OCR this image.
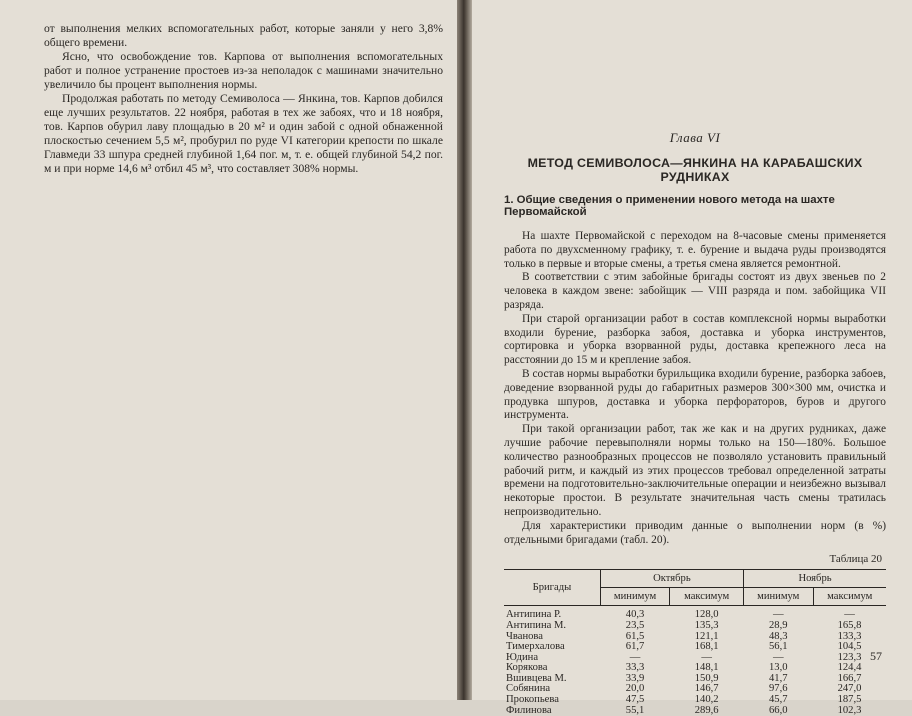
от выполнения мелких вспомогательных работ, которые заняли у него 3,8% общего времени.

Ясно, что освобождение тов. Карпова от выполнения вспомогательных работ и полное устранение простоев из-за неполадок с машинами значительно увеличило бы процент выполнения нормы.

Продолжая работать по методу Семиволоса — Янкина, тов. Карпов добился еще лучших результатов. 22 ноября, работая в тех же забоях, что и 18 ноября, тов. Карпов обурил лаву площадью в 20 м² и один забой с одной обнаженной плоскостью сечением 5,5 м², пробурил по руде VI категории крепости по шкале Главмеди 33 шпура средней глубиной 1,64 пог. м, т. е. общей глубиной 54,2 пог. м и при норме 14,6 м³ отбил 45 м³, что составляет 308% нормы.

Глава VI
МЕТОД СЕМИВОЛОСА—ЯНКИНА НА КАРАБАШСКИХ РУДНИКАХ
1. Общие сведения о применении нового метода на шахте Первомайской

На шахте Первомайской с переходом на 8-часовые смены применяется работа по двухсменному графику, т. е. бурение и выдача руды производятся только в первые и вторые смены, а третья смена является ремонтной.

В соответствии с этим забойные бригады состоят из двух звеньев по 2 человека в каждом звене: забойщик — VIII разряда и пом. забойщика VII разряда.

При старой организации работ в состав комплексной нормы выработки входили бурение, разборка забоя, доставка и уборка инструментов, сортировка и уборка взорванной руды, доставка крепежного леса на расстоянии до 15 м и крепление забоя.

В состав нормы выработки бурильщика входили бурение, разборка забоев, доведение взорванной руды до габаритных размеров 300×300 мм, очистка и продувка шпуров, доставка и уборка перфораторов, буров и другого инструмента.

При такой организации работ, так же как и на других рудниках, даже лучшие рабочие перевыполняли нормы только на 150—180%. Большое количество разнообразных процессов не позволяло установить правильный рабочий ритм, и каждый из этих процессов требовал определенной затраты времени на подготовительно-заключительные операции и неизбежно вызывал некоторые простои. В результате значительная часть смены тратилась непроизводительно.

Для характеристики приводим данные о выполнении норм (в %) отдельными бригадами (табл. 20).

Таблица 20
Бригады	Октябрь		Ноябрь	
	минимум	максимум	минимум	максимум
Антипина Р.	40,3	128,0	—	—
Антипина М.	23,5	135,3	28,9	165,8
Чванова	61,5	121,1	48,3	133,3
Тимерхалова	61,7	168,1	56,1	104,5
Юдина	—	—	—	123,3
Корякова	33,3	148,1	13,0	124,4
Вшивцева М.	33,9	150,9	41,7	166,7
Собянина	20,0	146,7	97,6	247,0
Прокопьева	47,5	140,2	45,7	187,5
Филинова	55,1	289,6	66,0	102,3
57
